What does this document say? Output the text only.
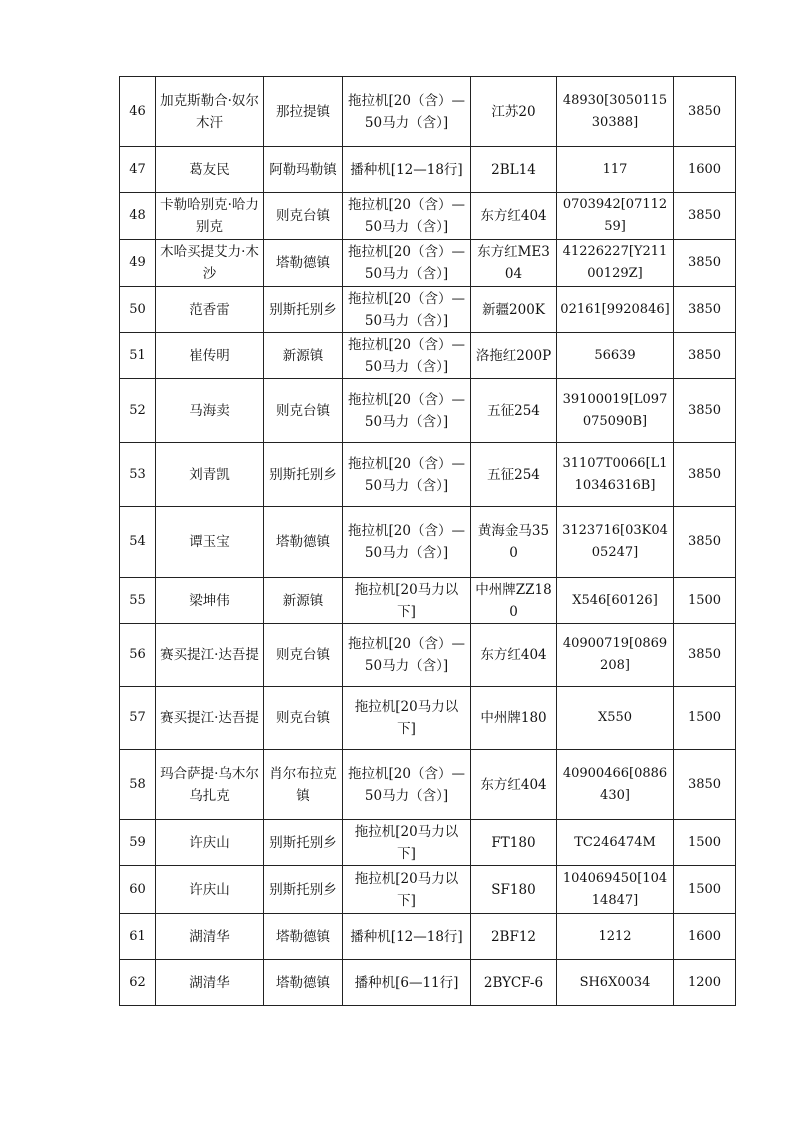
46	加克斯勒合·奴尔木汗	那拉提镇	拖拉机[20（含）—50马力（含）]	江苏20	48930[305011530388]	3850
47	葛友民	阿勒玛勒镇	播种机[12—18行]	2BL14	117	1600
48	卡勒哈别克·哈力别克	则克台镇	拖拉机[20（含）—50马力（含）]	东方红404	0703942[0711259]	3850
49	木哈买提艾力·木沙	塔勒德镇	拖拉机[20（含）—50马力（含）]	东方红ME304	41226227[Y21100129Z]	3850
50	范香雷	别斯托别乡	拖拉机[20（含）—50马力（含）]	新疆200K	02161[9920846]	3850
51	崔传明	新源镇	拖拉机[20（含）—50马力（含）]	洛拖红200P	56639	3850
52	马海卖	则克台镇	拖拉机[20（含）—50马力（含）]	五征254	39100019[L097075090B]	3850
53	刘青凯	别斯托别乡	拖拉机[20（含）—50马力（含）]	五征254	31107T0066[L110346316B]	3850
54	谭玉宝	塔勒德镇	拖拉机[20（含）—50马力（含）]	黄海金马350	3123716[03K0405247]	3850
55	梁坤伟	新源镇	拖拉机[20马力以下]	中州牌ZZ180	X546[60126]	1500
56	赛买提江·达吾提	则克台镇	拖拉机[20（含）—50马力（含）]	东方红404	40900719[0869208]	3850
57	赛买提江·达吾提	则克台镇	拖拉机[20马力以下]	中州牌180	X550	1500
58	玛合萨提·乌木尔乌扎克	肖尔布拉克镇	拖拉机[20（含）—50马力（含）]	东方红404	40900466[0886430]	3850
59	许庆山	别斯托别乡	拖拉机[20马力以下]	FT180	TC246474M	1500
60	许庆山	别斯托别乡	拖拉机[20马力以下]	SF180	104069450[10414847]	1500
61	湖清华	塔勒德镇	播种机[12—18行]	2BF12	1212	1600
62	湖清华	塔勒德镇	播种机[6—11行]	2BYCF-6	SH6X0034	1200
